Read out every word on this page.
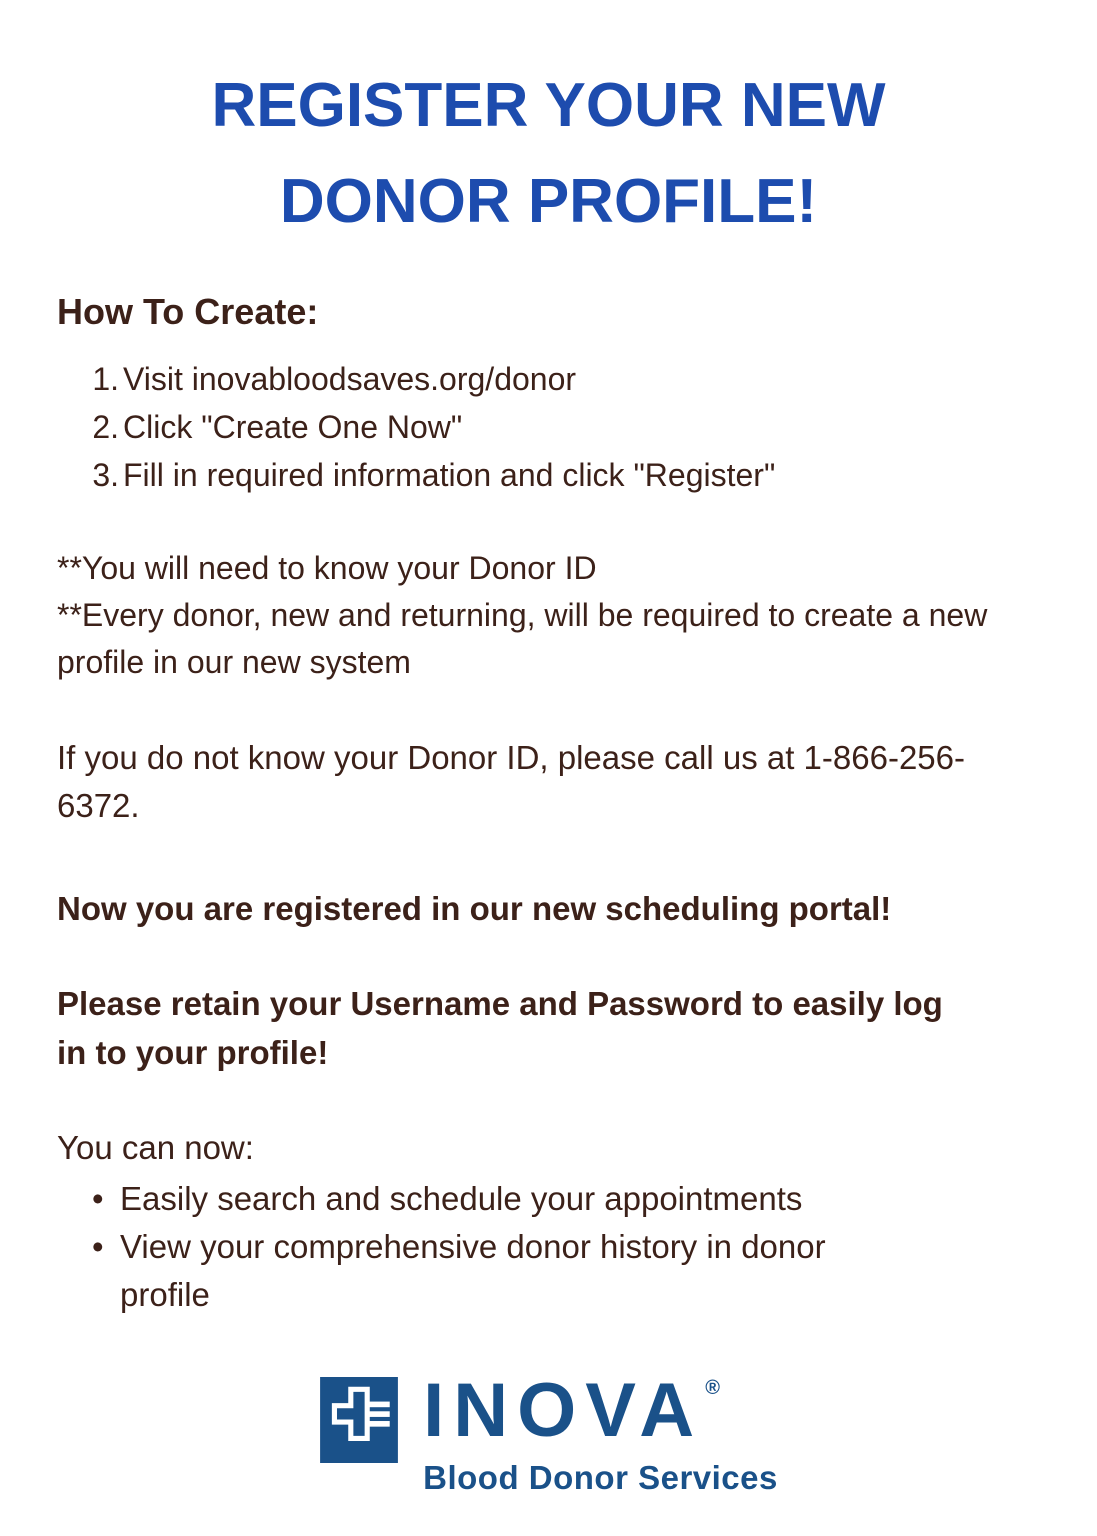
REGISTER YOUR NEW
DONOR PROFILE!
How To Create:
1. Visit inovabloodsaves.org/donor
2. Click "Create One Now"
3. Fill in required information and click "Register"
**You will need to know your Donor ID
**Every donor, new and returning, will be required to create a new profile in our new system
If you do not know your Donor ID, please call us at 1-866-256-6372.
Now you are registered in our new scheduling portal!
Please retain your Username and Password to easily log in to your profile!
You can now:
• Easily search and schedule your appointments
• View your comprehensive donor history in donor profile
INOVA ®
Blood Donor Services
